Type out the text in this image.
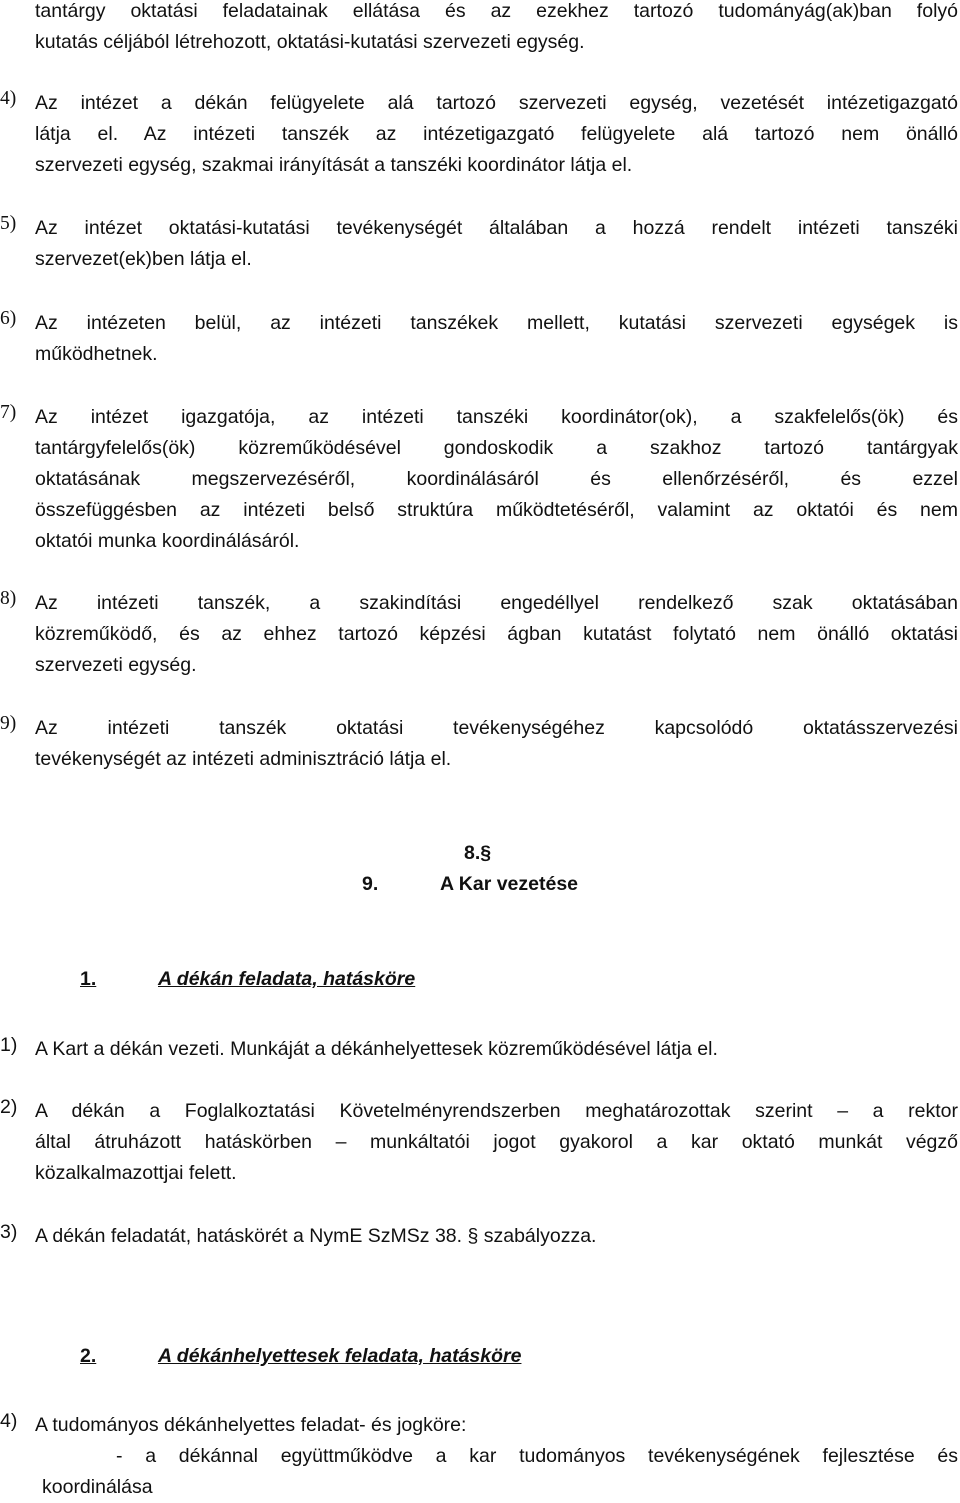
tantárgy oktatási feladatainak ellátása és az ezekhez tartozó tudományág(ak)ban folyó
kutatás céljából létrehozott, oktatási-kutatási szervezeti egység.
4) Az intézet a dékán felügyelete alá tartozó szervezeti egység, vezetését intézetigazgató
látja el. Az intézeti tanszék az intézetigazgató felügyelete alá tartozó nem önálló
szervezeti egység, szakmai irányítását a tanszéki koordinátor látja el.
5) Az intézet oktatási-kutatási tevékenységét általában a hozzá rendelt intézeti tanszéki
szervezet(ek)ben látja el.
6) Az intézeten belül, az intézeti tanszékek mellett, kutatási szervezeti egységek is
működhetnek.
7) Az intézet igazgatója, az intézeti tanszéki koordinátor(ok), a szakfelelős(ök) és
tantárgyfelelős(ök) közreműködésével gondoskodik a szakhoz tartozó tantárgyak
oktatásának megszervezéséről, koordinálásáról és ellenőrzéséről, és ezzel
összefüggésben az intézeti belső struktúra működtetéséről, valamint az oktatói és nem
oktatói munka koordinálásáról.
8) Az intézeti tanszék, a szakindítási engedéllyel rendelkező szak oktatásában
közreműködő, és az ehhez tartozó képzési ágban kutatást folytató nem önálló oktatási
szervezeti egység.
9) Az intézeti tanszék oktatási tevékenységéhez kapcsolódó oktatásszervezési
tevékenységét az intézeti adminisztráció látja el.
8.§
9.	A Kar vezetése
1.	A dékán feladata, hatásköre
1) A Kart a dékán vezeti. Munkáját a dékánhelyettesek közreműködésével látja el.
2) A dékán a Foglalkoztatási Követelményrendszerben meghatározottak szerint – a rektor
által átruházott hatáskörben – munkáltatói jogot gyakorol a kar oktató munkát végző
közalkalmazottjai felett.
3) A dékán feladatát, hatáskörét a NymE SzMSz 38. § szabályozza.
2.	A dékánhelyettesek feladata, hatásköre
4) A tudományos dékánhelyettes feladat- és jogköre:
- a dékánnal együttműködve a kar tudományos tevékenységének fejlesztése és
koordinálása
